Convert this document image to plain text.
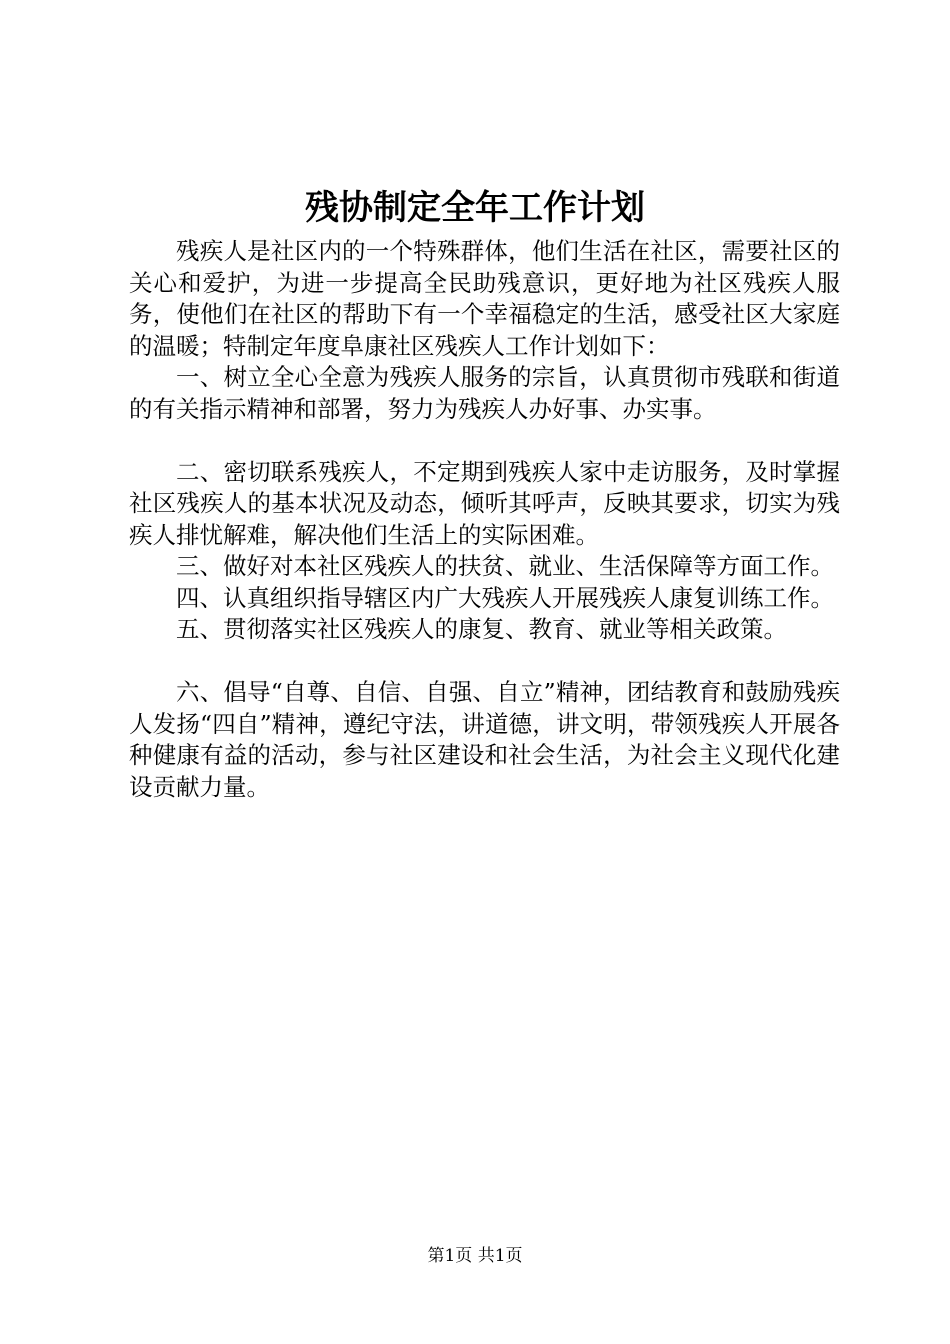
残协制定全年工作计划

残疾人是社区内的一个特殊群体，他们生活在社区，需要社区的关心和爱护，为进一步提高全民助残意识，更好地为社区残疾人服务，使他们在社区的帮助下有一个幸福稳定的生活，感受社区大家庭的温暖；特制定年度阜康社区残疾人工作计划如下：

一、树立全心全意为残疾人服务的宗旨，认真贯彻市残联和街道的有关指示精神和部署，努力为残疾人办好事、办实事。

二、密切联系残疾人，不定期到残疾人家中走访服务，及时掌握社区残疾人的基本状况及动态，倾听其呼声，反映其要求，切实为残疾人排忧解难，解决他们生活上的实际困难。

三、做好对本社区残疾人的扶贫、就业、生活保障等方面工作。

四、认真组织指导辖区内广大残疾人开展残疾人康复训练工作。

五、贯彻落实社区残疾人的康复、教育、就业等相关政策。

六、倡导“自尊、自信、自强、自立”精神，团结教育和鼓励残疾人发扬“四自”精神，遵纪守法，讲道德，讲文明，带领残疾人开展各种健康有益的活动，参与社区建设和社会生活，为社会主义现代化建设贡献力量。

第1页 共1页
